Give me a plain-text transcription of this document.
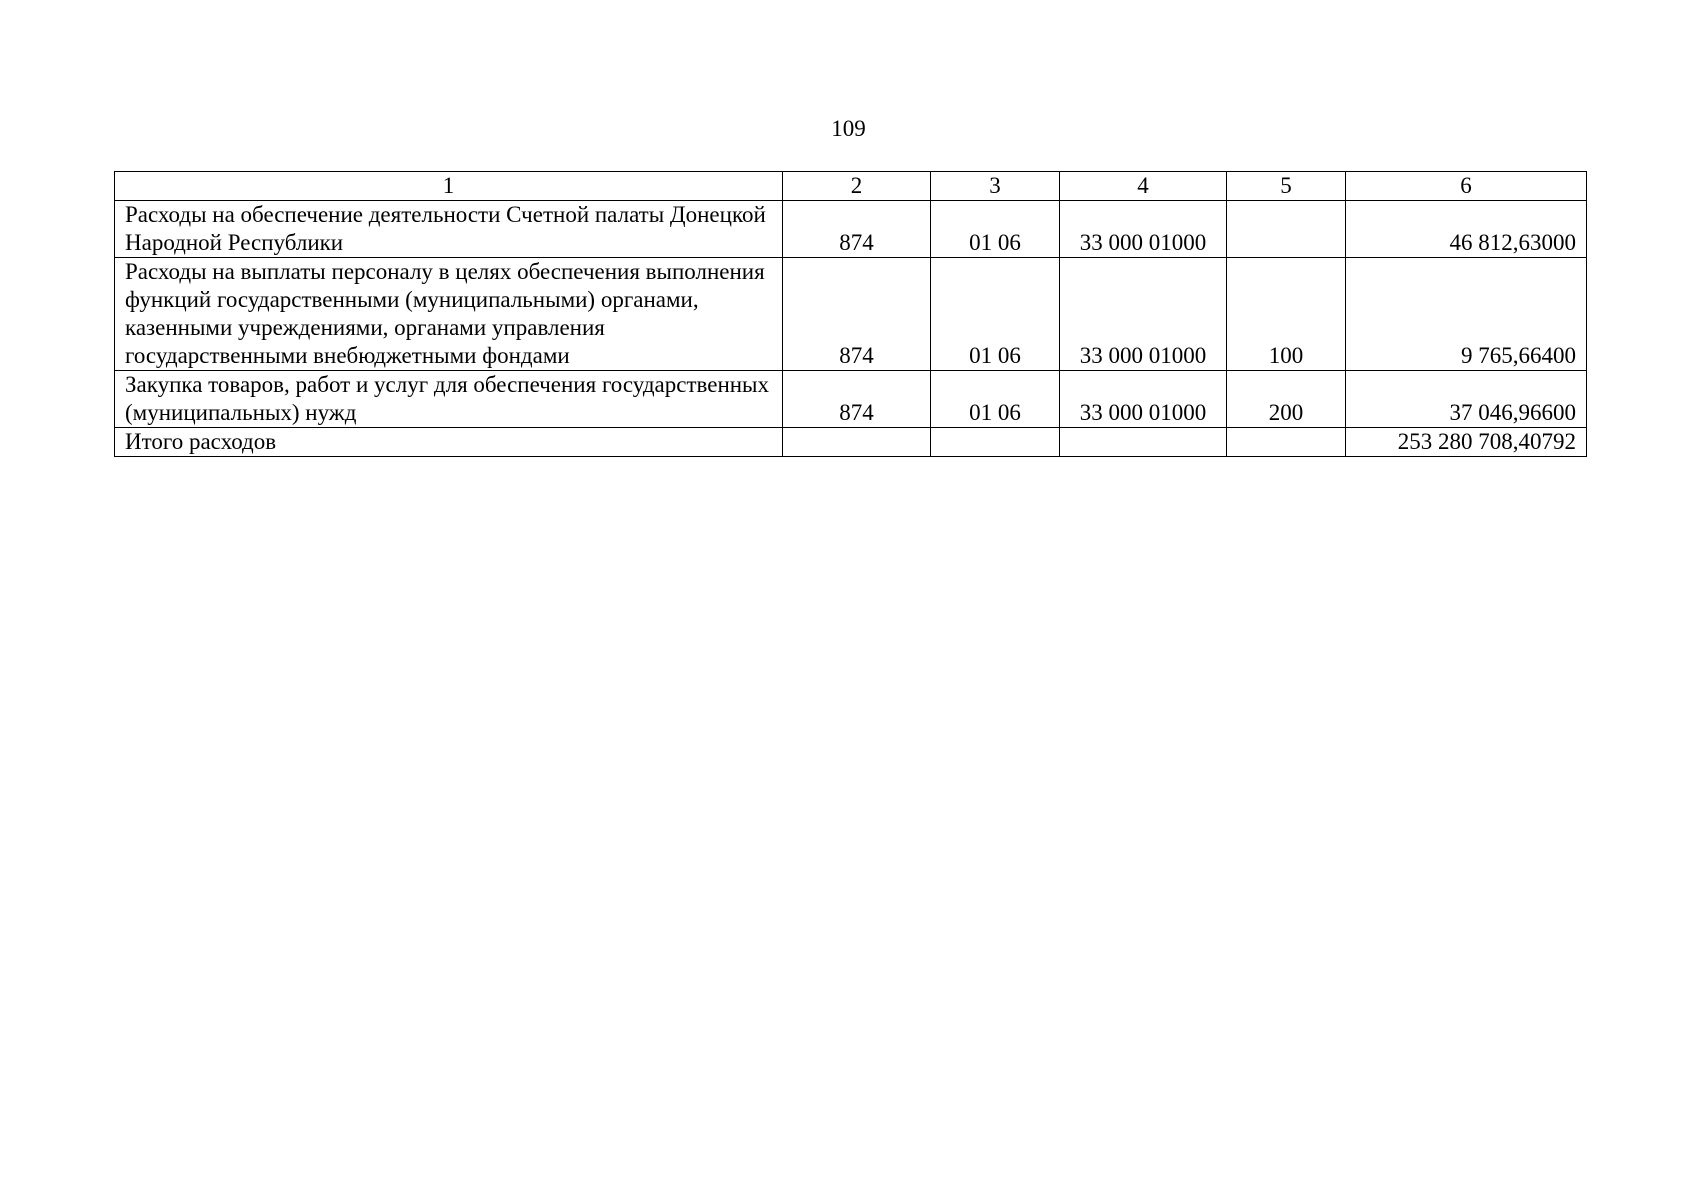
109
1	2	3	4	5	6
Расходы на обеспечение деятельности Счетной палаты Донецкой Народной Республики	874	01 06	33 000 01000		46 812,63000
Расходы на выплаты персоналу в целях обеспечения выполнения функций государственными (муниципальными) органами, казенными учреждениями, органами управления государственными внебюджетными фондами	874	01 06	33 000 01000	100	9 765,66400
Закупка товаров, работ и услуг для обеспечения государственных (муниципальных) нужд	874	01 06	33 000 01000	200	37 046,96600
Итого расходов					253 280 708,40792
